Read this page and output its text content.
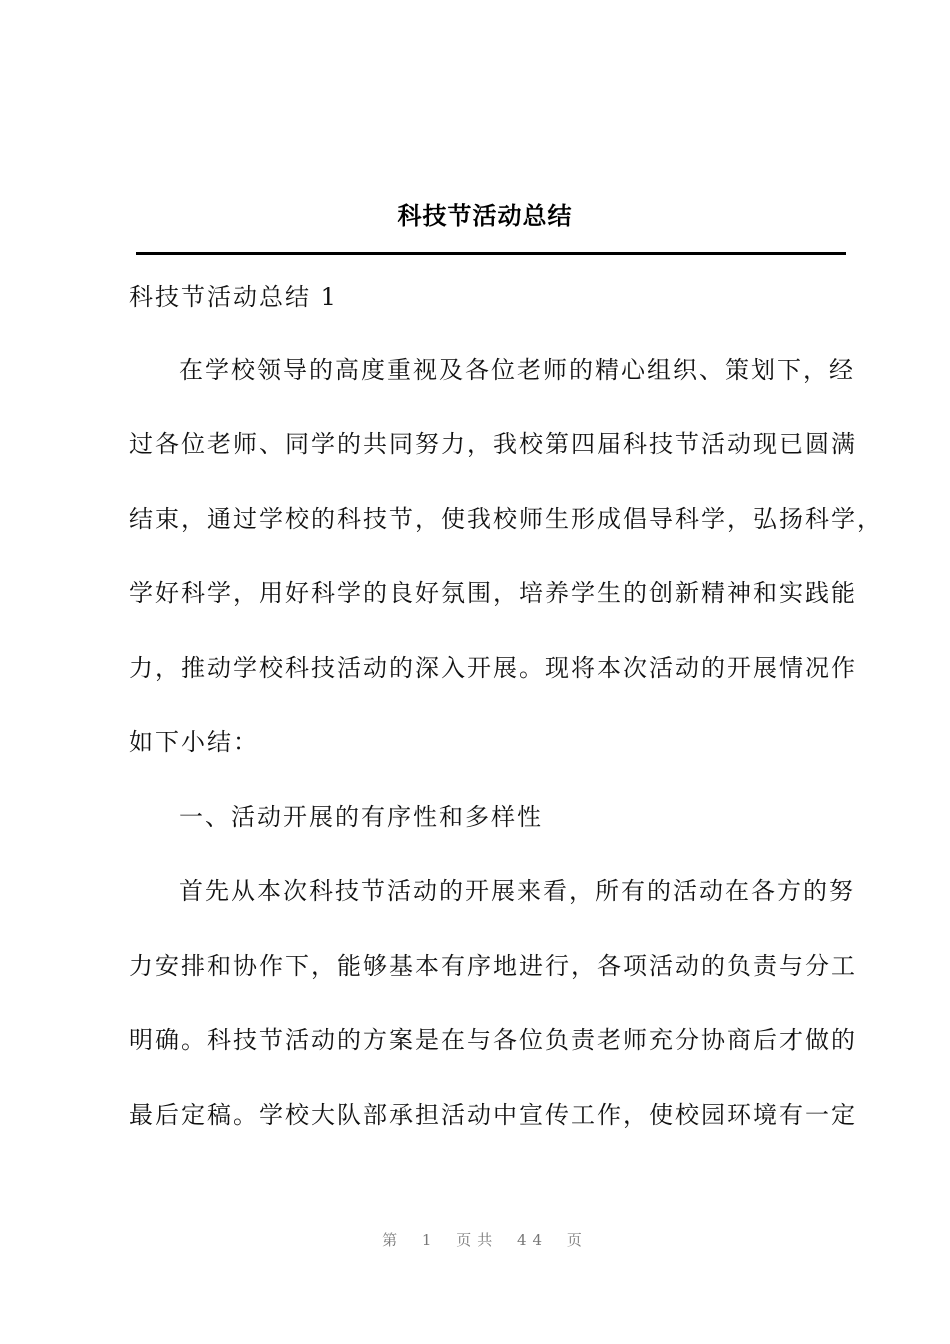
科技节活动总结
科技节活动总结 1
在学校领导的高度重视及各位老师的精心组织、策划下，经
过各位老师、同学的共同努力，我校第四届科技节活动现已圆满
结束，通过学校的科技节，使我校师生形成倡导科学，弘扬科学，
学好科学，用好科学的良好氛围，培养学生的创新精神和实践能
力，推动学校科技活动的深入开展。现将本次活动的开展情况作
如下小结：
一、活动开展的有序性和多样性
首先从本次科技节活动的开展来看，所有的活动在各方的努
力安排和协作下，能够基本有序地进行，各项活动的负责与分工
明确。科技节活动的方案是在与各位负责老师充分协商后才做的
最后定稿。学校大队部承担活动中宣传工作，使校园环境有一定
第 1 页共 44 页
